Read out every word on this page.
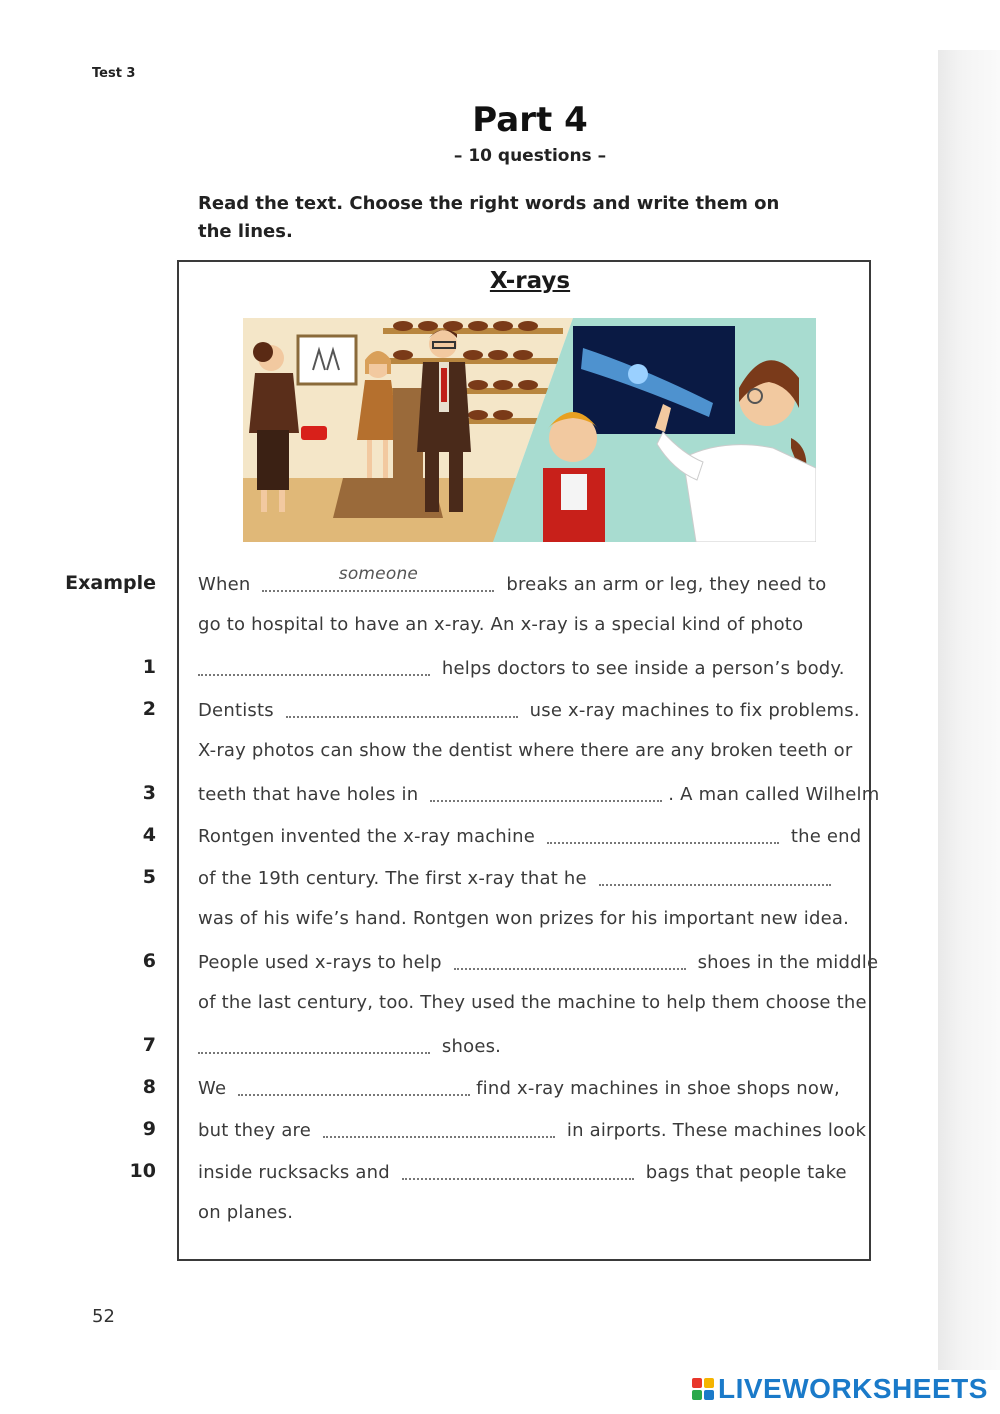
Test 3
Part 4
– 10 questions –
Read the text. Choose the right words and write them on the lines.
X-rays
Example When	someone	breaks an arm or leg, they need to
go to hospital to have an x-ray. An x-ray is a special kind of photo
1	helps doctors to see inside a person’s body.
2 Dentists	use x-ray machines to fix problems.
X-ray photos can show the dentist where there are any broken teeth or
3 teeth that have holes in	. A man called Wilhelm
4 Rontgen invented the x-ray machine	the end
5 of the 19th century. The first x-ray that he
was of his wife’s hand. Rontgen won prizes for his important new idea.
6 People used x-rays to help	shoes in the middle
of the last century, too. They used the machine to help them choose the
7	shoes.
8 We	find x-ray machines in shoe shops now,
9 but they are	in airports. These machines look
10 inside rucksacks and	bags that people take
on planes.
52
LIVEWORKSHEETS
